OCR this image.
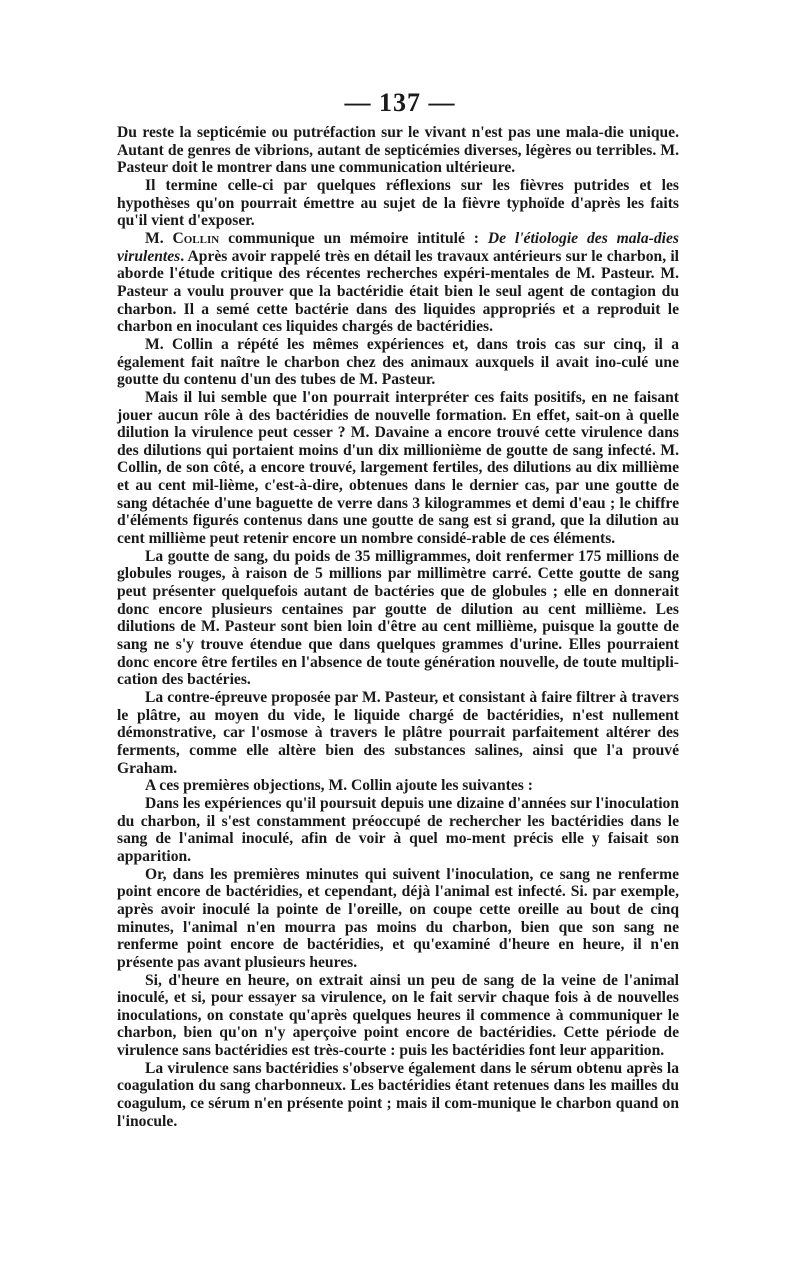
— 137 —

Du reste la septicémie ou putréfaction sur le vivant n'est pas une mala-die unique. Autant de genres de vibrions, autant de septicémies diverses, légères ou terribles. M. Pasteur doit le montrer dans une communication ultérieure.

Il termine celle-ci par quelques réflexions sur les fièvres putrides et les hypothèses qu'on pourrait émettre au sujet de la fièvre typhoïde d'après les faits qu'il vient d'exposer.

M. Collin communique un mémoire intitulé : De l'étiologie des mala-dies virulentes. Après avoir rappelé très en détail les travaux antérieurs sur le charbon, il aborde l'étude critique des récentes recherches expéri-mentales de M. Pasteur. M. Pasteur a voulu prouver que la bactéridie était bien le seul agent de contagion du charbon. Il a semé cette bactérie dans des liquides appropriés et a reproduit le charbon en inoculant ces liquides chargés de bactéridies.

M. Collin a répété les mêmes expériences et, dans trois cas sur cinq, il a également fait naître le charbon chez des animaux auxquels il avait ino-culé une goutte du contenu d'un des tubes de M. Pasteur.

Mais il lui semble que l'on pourrait interpréter ces faits positifs, en ne faisant jouer aucun rôle à des bactéridies de nouvelle formation. En effet, sait-on à quelle dilution la virulence peut cesser ? M. Davaine a encore trouvé cette virulence dans des dilutions qui portaient moins d'un dix millionième de goutte de sang infecté. M. Collin, de son côté, a encore trouvé, largement fertiles, des dilutions au dix millième et au cent mil-lième, c'est-à-dire, obtenues dans le dernier cas, par une goutte de sang détachée d'une baguette de verre dans 3 kilogrammes et demi d'eau ; le chiffre d'éléments figurés contenus dans une goutte de sang est si grand, que la dilution au cent millième peut retenir encore un nombre considé-rable de ces éléments.

La goutte de sang, du poids de 35 milligrammes, doit renfermer 175 millions de globules rouges, à raison de 5 millions par millimètre carré. Cette goutte de sang peut présenter quelquefois autant de bactéries que de globules ; elle en donnerait donc encore plusieurs centaines par goutte de dilution au cent millième. Les dilutions de M. Pasteur sont bien loin d'être au cent millième, puisque la goutte de sang ne s'y trouve étendue que dans quelques grammes d'urine. Elles pourraient donc encore être fertiles en l'absence de toute génération nouvelle, de toute multipli-cation des bactéries.

La contre-épreuve proposée par M. Pasteur, et consistant à faire filtrer à travers le plâtre, au moyen du vide, le liquide chargé de bactéridies, n'est nullement démonstrative, car l'osmose à travers le plâtre pourrait parfaitement altérer des ferments, comme elle altère bien des substances salines, ainsi que l'a prouvé Graham.

A ces premières objections, M. Collin ajoute les suivantes :

Dans les expériences qu'il poursuit depuis une dizaine d'années sur l'inoculation du charbon, il s'est constamment préoccupé de rechercher les bactéridies dans le sang de l'animal inoculé, afin de voir à quel mo-ment précis elle y faisait son apparition.

Or, dans les premières minutes qui suivent l'inoculation, ce sang ne renferme point encore de bactéridies, et cependant, déjà l'animal est infecté. Si. par exemple, après avoir inoculé la pointe de l'oreille, on coupe cette oreille au bout de cinq minutes, l'animal n'en mourra pas moins du charbon, bien que son sang ne renferme point encore de bactéridies, et qu'examiné d'heure en heure, il n'en présente pas avant plusieurs heures.

Si, d'heure en heure, on extrait ainsi un peu de sang de la veine de l'animal inoculé, et si, pour essayer sa virulence, on le fait servir chaque fois à de nouvelles inoculations, on constate qu'après quelques heures il commence à communiquer le charbon, bien qu'on n'y aperçoive point encore de bactéridies. Cette période de virulence sans bactéridies est très-courte : puis les bactéridies font leur apparition.

La virulence sans bactéridies s'observe également dans le sérum obtenu après la coagulation du sang charbonneux. Les bactéridies étant retenues dans les mailles du coagulum, ce sérum n'en présente point ; mais il com-munique le charbon quand on l'inocule.
